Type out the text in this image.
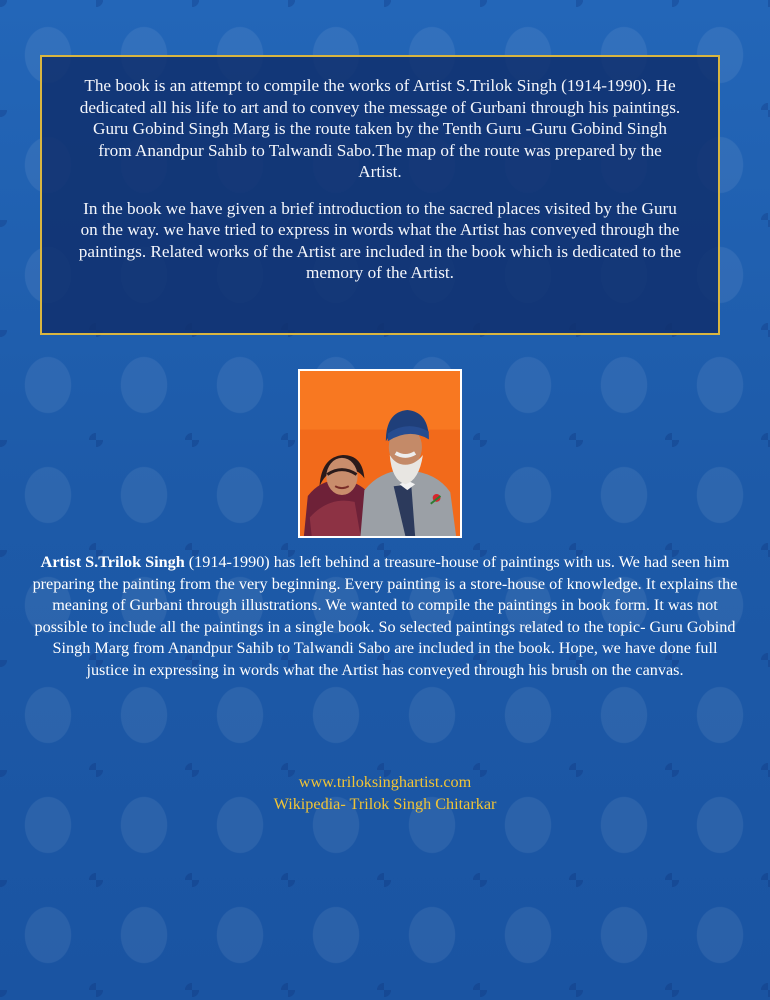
The book is an attempt to compile the works of Artist S.Trilok Singh (1914-1990). He dedicated all his life to art and to convey the message of Gurbani through his paintings. Guru Gobind Singh Marg is the route taken by the Tenth Guru -Guru Gobind Singh from Anandpur Sahib to Talwandi Sabo.The map of the route was prepared by the Artist.

In the book we have given a brief introduction to the sacred places visited by the Guru on the way. we have tried to express in words what the Artist has conveyed through the paintings. Related works of the Artist are included in the book which is dedicated to the memory of the Artist.

Artist S.Trilok Singh (1914-1990) has left behind a treasure-house of paintings with us. We had seen him preparing the painting from the very beginning. Every painting is a store-house of knowledge. It explains the meaning of Gurbani through illustrations. We wanted to compile the paintings in book form. It was not possible to include all the paintings in a single book. So selected paintings related to the topic- Guru Gobind Singh Marg from Anandpur Sahib to Talwandi Sabo are included in the book. Hope, we have done full justice in expressing in words what the Artist has conveyed through his brush on the canvas.

www.triloksinghartist.com
Wikipedia- Trilok Singh Chitarkar
